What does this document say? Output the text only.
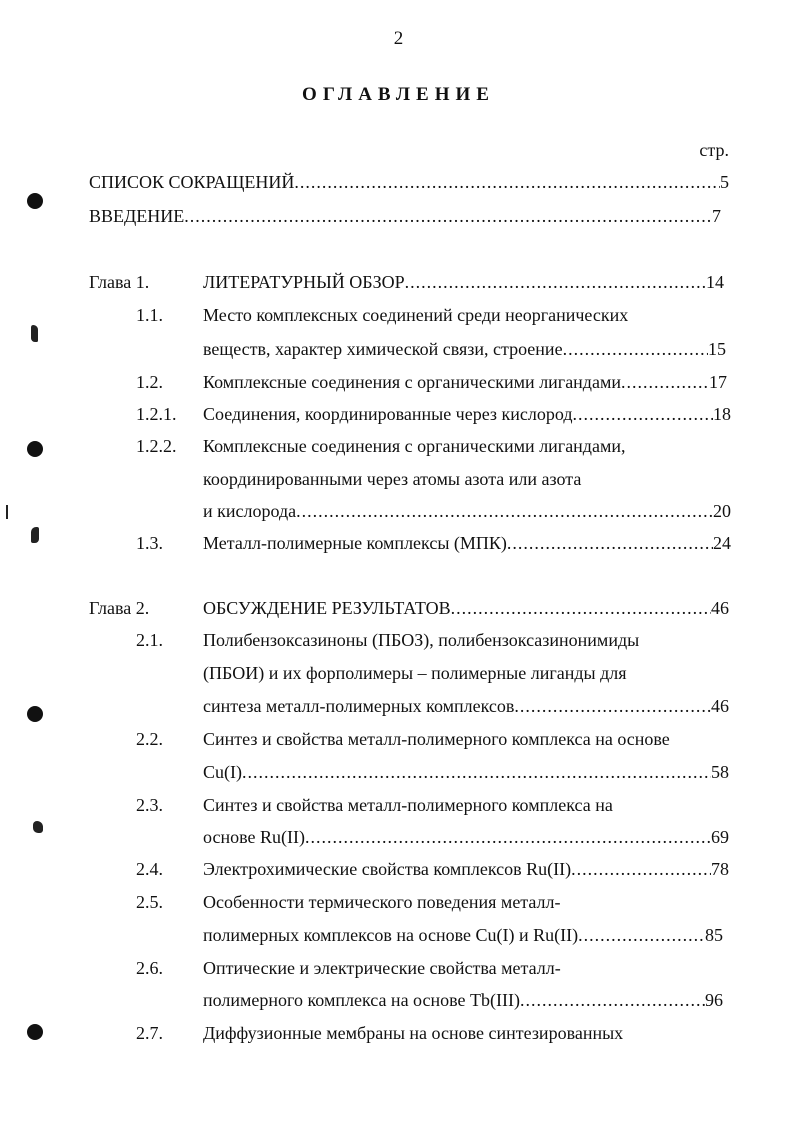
2
ОГЛАВЛЕНИЕ
стр.
СПИСОК СОКРАЩЕНИЙ .....	5
ВВЕДЕНИЕ .....	7
Глава 1.	ЛИТЕРАТУРНЫЙ ОБЗОР .....	14
1.1. Место комплексных соединений среди неорганических
веществ, характер химической связи, строение .....	15
1.2. Комплексные соединения с органическими лигандами .....	17
1.2.1. Соединения, координированные через кислород .....	18
1.2.2. Комплексные соединения с органическими лигандами,
координированными через атомы азота или азота
и кислорода .....	20
1.3. Металл-полимерные комплексы (МПК) .....	24
Глава 2.	ОБСУЖДЕНИЕ РЕЗУЛЬТАТОВ .....	46
2.1. Полибензоксазиноны (ПБОЗ), полибензоксазинонимиды
(ПБОИ) и их форполимеры – полимерные лиганды для
синтеза металл-полимерных комплексов .....	46
2.2. Синтез и свойства металл-полимерного комплекса на основе
Cu(I) .....	58
2.3. Синтез и свойства металл-полимерного комплекса на
основе Ru(II) .....	69
2.4. Электрохимические свойства комплексов Ru(II) .....	78
2.5. Особенности термического поведения металл-
полимерных комплексов на основе Cu(I) и Ru(II) .....	85
2.6. Оптические и электрические свойства металл-
полимерного комплекса на основе Tb(III) .....	96
2.7. Диффузионные мембраны на основе синтезированных
